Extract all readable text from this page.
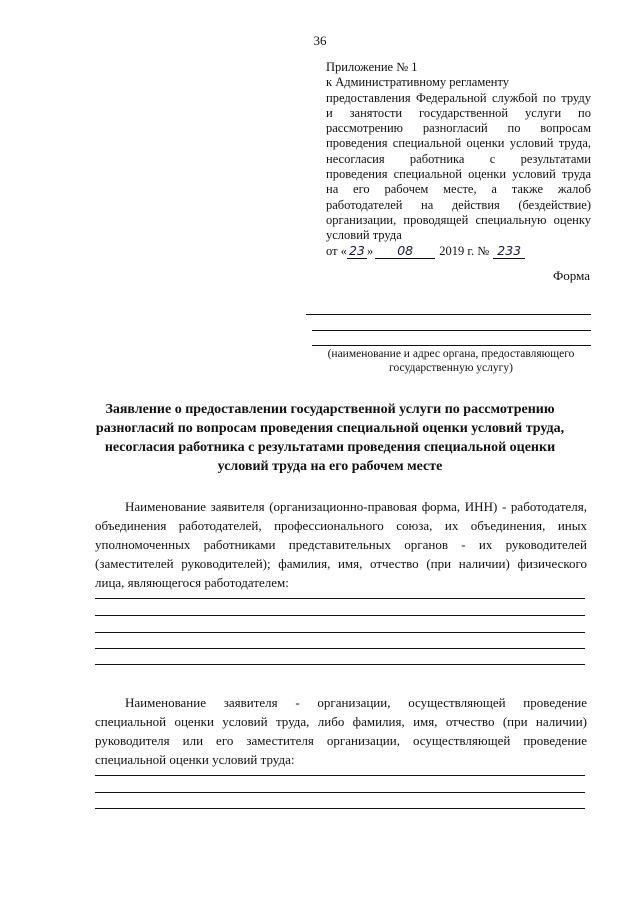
36
Приложение № 1
к Административному регламенту
предоставления Федеральной службой по труду
и занятости государственной услуги по
рассмотрению разногласий по вопросам
проведения специальной оценки условий труда,
несогласия работника с результатами
проведения специальной оценки условий труда
на его рабочем месте, а также жалоб
работодателей на действия (бездействие)
организации, проводящей специальную оценку
условий труда
от « 23 »	08	2019 г. № 233
Форма
(наименование и адрес органа, предоставляющего государственную услугу)
Заявление о предоставлении государственной услуги по рассмотрению разногласий по вопросам проведения специальной оценки условий труда, несогласия работника с результатами проведения специальной оценки условий труда на его рабочем месте
Наименование заявителя (организационно-правовая форма, ИНН) - работодателя, объединения работодателей, профессионального союза, их объединения, иных уполномоченных работниками представительных органов - их руководителей (заместителей руководителей); фамилия, имя, отчество (при наличии) физического лица, являющегося работодателем:
Наименование заявителя - организации, осуществляющей проведение специальной оценки условий труда, либо фамилия, имя, отчество (при наличии) руководителя или его заместителя организации, осуществляющей проведение специальной оценки условий труда:
